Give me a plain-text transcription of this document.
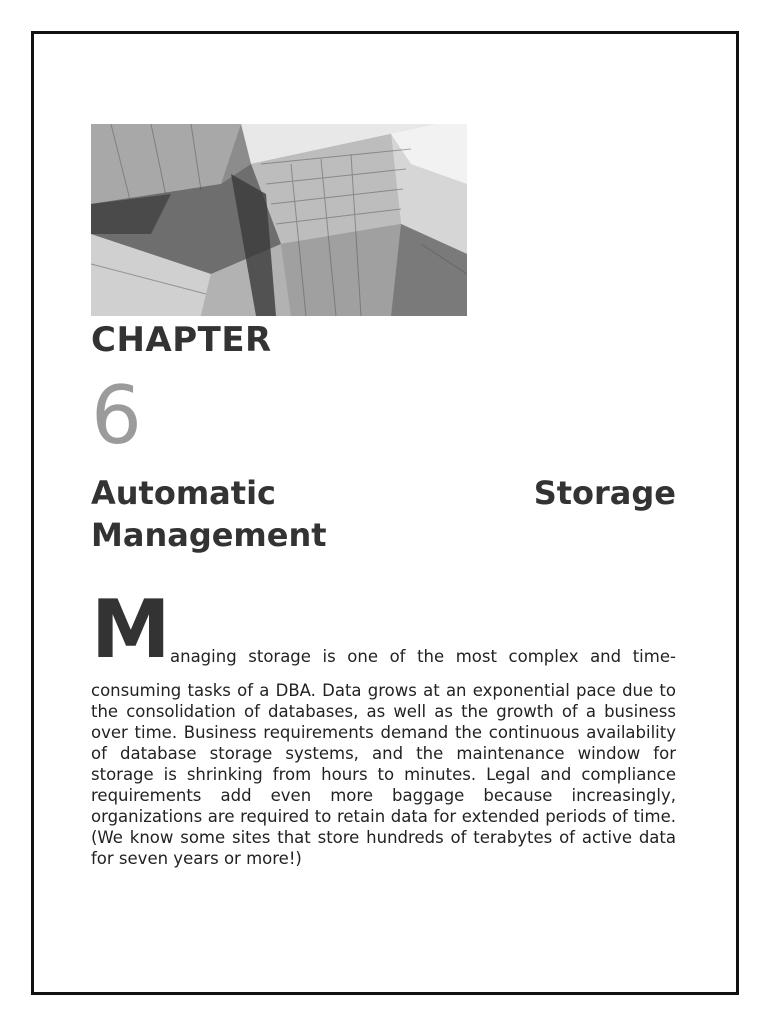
CHAPTER
6
Automatic	Storage
Management
M anaging storage is one of the most complex and time-

consuming tasks of a DBA. Data grows at an exponential pace due to the consolidation of databases, as well as the growth of a business over time. Business requirements demand the continuous availability of database storage systems, and the maintenance window for storage is shrinking from hours to minutes. Legal and compliance requirements add even more baggage because increasingly, organizations are required to retain data for extended periods of time. (We know some sites that store hundreds of terabytes of active data for seven years or more!)
